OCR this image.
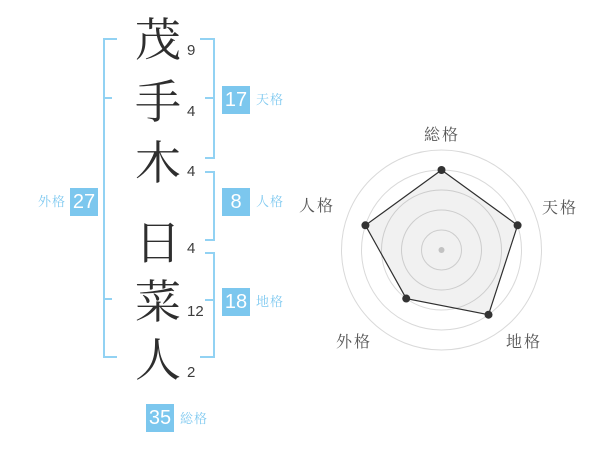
茂
手
木
日
菜
人
9
4
4
4
12
2
17 天格
8	人格
18 地格
外格 27
35 総格
総格
天格
地格
外格
人格
